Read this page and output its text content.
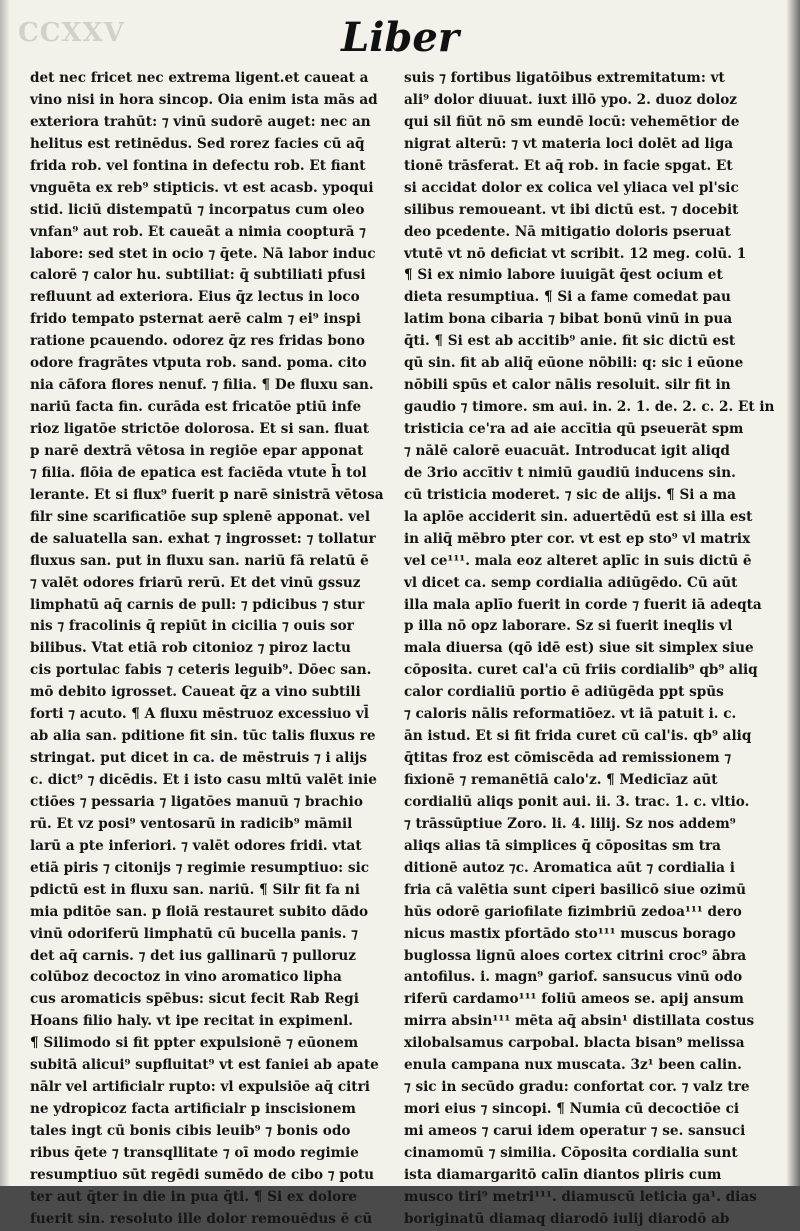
CCXXV	Liber
det nec fricet nec extrema ligent.et caueat a
vino nisi in hora sincop. Oia enim ista mās ad
exteriora trahūt: ⁊ vinū sudorē auget: nec an
helitus est retinēdus. Sed rorez facies cū aq̄
frida rob. vel fontina in defectu rob. Et fiant
vnguēta ex reb⁹ stipticis. vt est acasb. ypoqui
stid. liciū distempatū ⁊ incorpatus cum oleo
vnfan⁹ aut rob. Et caueāt a nimia coopturā ⁊
labore: sed stet in ocio ⁊ q̄ete. Nā labor induc
calorē ⁊ calor hu. subtiliat: q̄ subtiliati pfusi
refluunt ad exteriora. Eius q̄z lectus in loco
frido tempato psternat aerē calm ⁊ ei⁹ inspi
ratione pcauendo. odorez q̄z res fridas bono
odore fragrātes vtputa rob. sand. poma. cito
nia cāfora flores nenuf. ⁊ filia. ¶ De fluxu san.
nariū facta fin. curāda est fricatōe ptiū infe
rioz ligatōe strictōe dolorosa. Et si san. fluat
p narē dextrā vētosa in regiōe epar apponat
⁊ filia. flōia de epatica est faciēda vtute h̄ tol
lerante. Et si flux⁹ fuerit p narē sinistrā vētosa
filr sine scarificatiōe sup splenē apponat. vel
de saluatella san. exhat ⁊ ingrosset: ⁊ tollatur
fluxus san. put in fluxu san. nariū fā relatū ē
⁊ valēt odores friarū rerū. Et det vinū gssuz
limphatū aq̄ carnis de pull: ⁊ pdicibus ⁊ stur
nis ⁊ fracolinis q̄ repiūt in cicilia ⁊ ouis sor
bilibus. Vtat etiā rob citonioz ⁊ piroz lactu
cis portulac fabis ⁊ ceteris leguib⁹. Dōec san.
mō debito igrosset. Caueat q̄z a vino subtili
forti ⁊ acuto. ¶ A fluxu mēstruoz excessiuo vl̄
ab alia san. pditione fit sin. tūc talis fluxus re
stringat. put dicet in ca. de mēstruis ⁊ i alijs
c. dict⁹ ⁊ dicēdis. Et i isto casu mltū valēt inie
ctiōes ⁊ pessaria ⁊ ligatōes manuū ⁊ brachio
rū. Et vz posi⁹ ventosarū in radicib⁹ māmil
larū a pte inferiori. ⁊ valēt odores fridi. vtat
etiā piris ⁊ citonijs ⁊ regimie resumptiuo: sic
pdictū est in fluxu san. nariū. ¶ Silr fit fa ni
mia pditōe san. p floiā restauret subito dādo
vinū odoriferū limphatū cū bucella panis. ⁊
det aq̄ carnis. ⁊ det ius gallinarū ⁊ pulloruz
colūboz decoctoz in vino aromatico lipha
cus aromaticis spēbus: sicut fecit Rab Regi
Hoans filio haly. vt ipe recitat in expimenl.
¶ Silimodo si fit ppter expulsionē ⁊ eūonem
subitā alicui⁹ supfluitat⁹ vt est faniei ab apate
nālr vel artificialr rupto: vl expulsiōe aq̄ citri
ne ydropicoz facta artificialr p inscisionem
tales ingt cū bonis cibis leuib⁹ ⁊ bonis odo
ribus q̄ete ⁊ transqllitate ⁊ oī modo regimie
resumptiuo sūt regēdi sumēdo de cibo ⁊ potu
ter aut q̄ter in die in pua q̄ti. ¶ Si ex dolore
fuerit sin. resoluto ille dolor remouēdus ē cū
suis ⁊ fortibus ligatōibus extremitatum: vt
ali⁹ dolor diuuat. iuxt illō ypo. 2. duoz doloz
qui sil fiūt nō sm eundē locū: vehemētior de
nigrat alterū: ⁊ vt materia loci dolēt ad liga
tionē trāsferat. Et aq̄ rob. in facie spgat. Et
si accidat dolor ex colica vel yliaca vel pl'sic
silibus remoueant. vt ibi dictū est. ⁊ docebit
deo pcedente. Nā mitigatio doloris pseruat
vtutē vt nō deficiat vt scribit. 12 meg. colū. 1
¶ Si ex nimio labore iuuigāt q̄est ocium et
dieta resumptiua. ¶ Si a fame comedat pau
latim bona cibaria ⁊ bibat bonū vinū in pua
q̄ti. ¶ Si est ab accitib⁹ anie. fit sic dictū est
qū sin. fit ab aliq̄ eūone nōbili: q: sic i eūone
nōbili spūs et calor nālis resoluit. silr fit in
gaudio ⁊ timore. sm aui. in. 2. 1. de. 2. c. 2. Et in
tristicia ce'ra ad aie accītia qū pseuerāt spm
⁊ nālē calorē euacuāt. Introducat igit aliqd
de 3rio accītiv t nimiū gaudiū inducens sin.
cū tristicia moderet. ⁊ sic de alijs. ¶ Si a ma
la aplōe acciderit sin. aduertēdū est si illa est
in aliq̄ mēbro pter cor. vt est ep sto⁹ vl matrix
vel ce¹¹¹. mala eoz alteret aplīc in suis dictū ē
vl dicet ca. semp cordialia adiūgēdo. Cū aūt
illa mala aplīo fuerit in corde ⁊ fuerit iā adeqta
p illa nō opz laborare. Sz si fuerit ineqlis vl
mala diuersa (qō idē est) siue sit simplex siue
cōposita. curet cal'a cū friis cordialib⁹ qb⁹ aliq
calor cordialiū portio ē adiūgēda ppt spūs
⁊ caloris nālis reformatiōez. vt iā patuit i. c.
ān istud. Et si fit frida curet cū cal'is. qb⁹ aliq
q̄titas froz est cōmiscēda ad remissionem ⁊
fixionē ⁊ remanētiā calo'z. ¶ Medicīaz aūt
cordialiū aliqs ponit aui. ii. 3. trac. 1. c. vltio.
⁊ trāssūptiue Zoro. li. 4. lilij. Sz nos addem⁹
aliqs alias tā simplices q̄ cōpositas sm tra
ditionē autoz ⁊c. Aromatica aūt ⁊ cordialia i
fria cā valētia sunt ciperi basilicō siue ozimū
hūs odorē gariofilate fizimbriū zedoa¹¹¹ dero
nicus mastix pfortādo sto¹¹¹ muscus borago
buglossa lignū aloes cortex citrini croc⁹ ābra
antofilus. i. magn⁹ gariof. sansucus vinū odo
riferū cardamo¹¹¹ foliū ameos se. apij ansum
mirra absin¹¹¹ mēta aq̄ absin¹ distillata costus
xilobalsamus carpobal. blacta bisan⁹ melissa
enula campana nux muscata. 3z¹ been calin.
⁊ sic in secūdo gradu: confortat cor. ⁊ valz tre
mori eius ⁊ sincopi. ¶ Numia cū decoctiōe ci
mi ameos ⁊ carui idem operatur ⁊ se. sansuci
cinamomū ⁊ similia. Cōposita cordialia sunt
ista diamargaritō calīn diantos pliris cum
musco tiri⁹ metri¹¹¹. diamuscū leticia ga¹. dias
boriginatū diamaq diarodō iulij diarodō ab
